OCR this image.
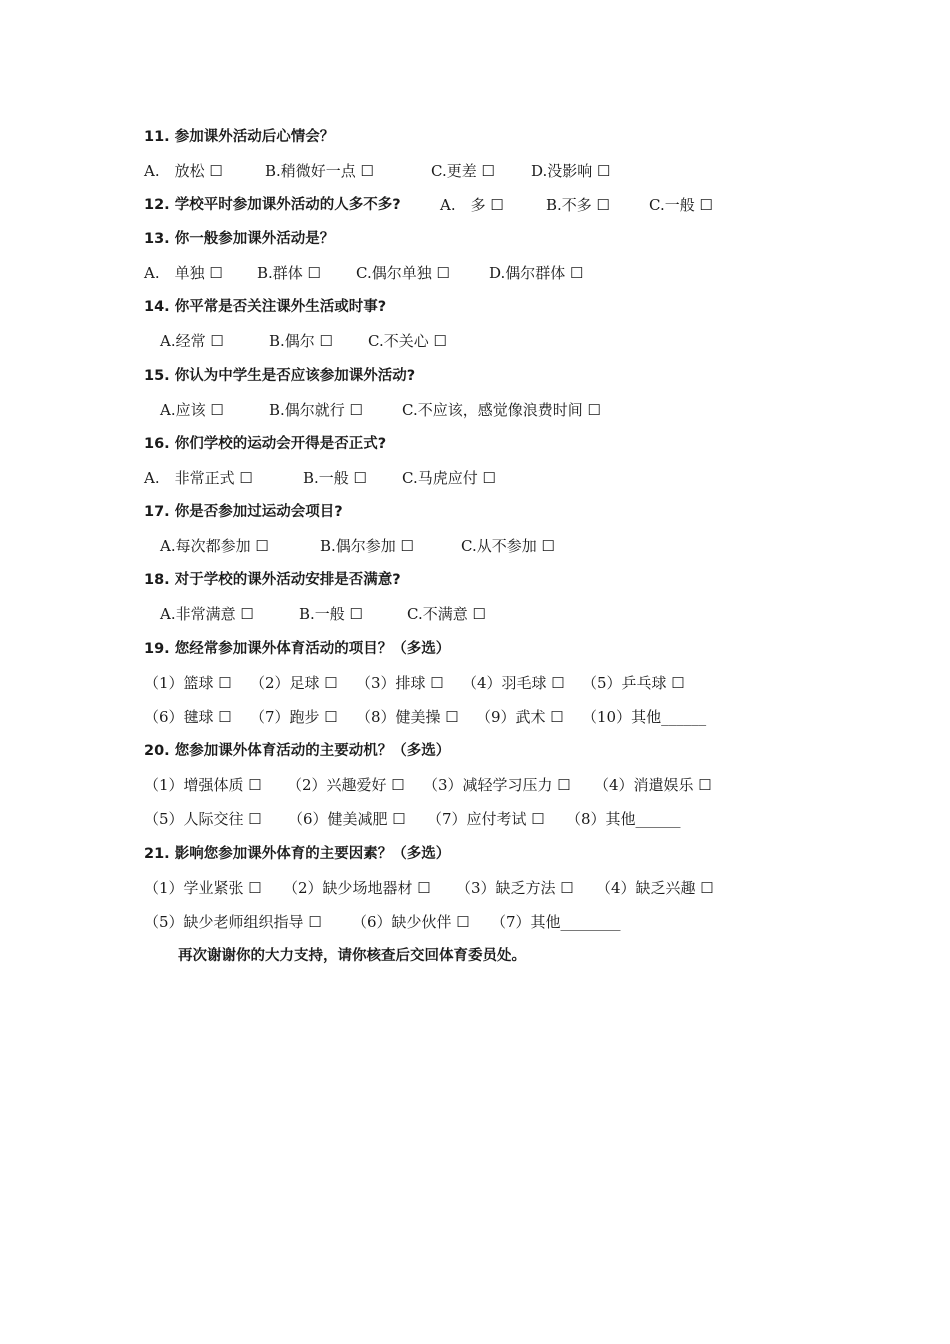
11. 参加课外活动后心情会？
A.　放松 ☐	B.稍微好一点 ☐	C.更差 ☐ D.没影响 ☐
12. 学校平时参加课外活动的人多不多?	A.　多 ☐	B.不多 ☐	C.一般 ☐
13. 你一般参加课外活动是？
A.　单独 ☐ B.群体 ☐ C.偶尔单独 ☐	D.偶尔群体 ☐
14. 你平常是否关注课外生活或时事?
A.经常 ☐	B.偶尔 ☐ C.不关心 ☐
15. 你认为中学生是否应该参加课外活动?
A.应该 ☐	B.偶尔就行 ☐	C.不应该，感觉像浪费时间 ☐
16. 你们学校的运动会开得是否正式?
A.　非常正式 ☐	B.一般 ☐ C.马虎应付 ☐
17. 你是否参加过运动会项目?
A.每次都参加 ☐	B.偶尔参加 ☐	C.从不参加 ☐
18. 对于学校的课外活动安排是否满意?
A.非常满意 ☐	B.一般 ☐	C.不满意 ☐
19. 您经常参加课外体育活动的项目？（多选）
（1）篮球 ☐ （2）足球 ☐ （3）排球 ☐ （4）羽毛球 ☐ （5）乒乓球 ☐
（6）毽球 ☐ （7）跑步 ☐ （8）健美操 ☐ （9）武术 ☐ （10）其他______
20. 您参加课外体育活动的主要动机？（多选）
（1）增强体质 ☐ （2）兴趣爱好 ☐ （3）减轻学习压力 ☐ （4）消遣娱乐 ☐
（5）人际交往 ☐ （6）健美减肥 ☐ （7）应付考试 ☐ （8）其他______
21. 影响您参加课外体育的主要因素？（多选）
（1）学业紧张 ☐ （2）缺少场地器材 ☐ （3）缺乏方法 ☐ （4）缺乏兴趣 ☐
（5）缺少老师组织指导 ☐ （6）缺少伙伴 ☐ （7）其他________
再次谢谢你的大力支持，请你核查后交回体育委员处。
